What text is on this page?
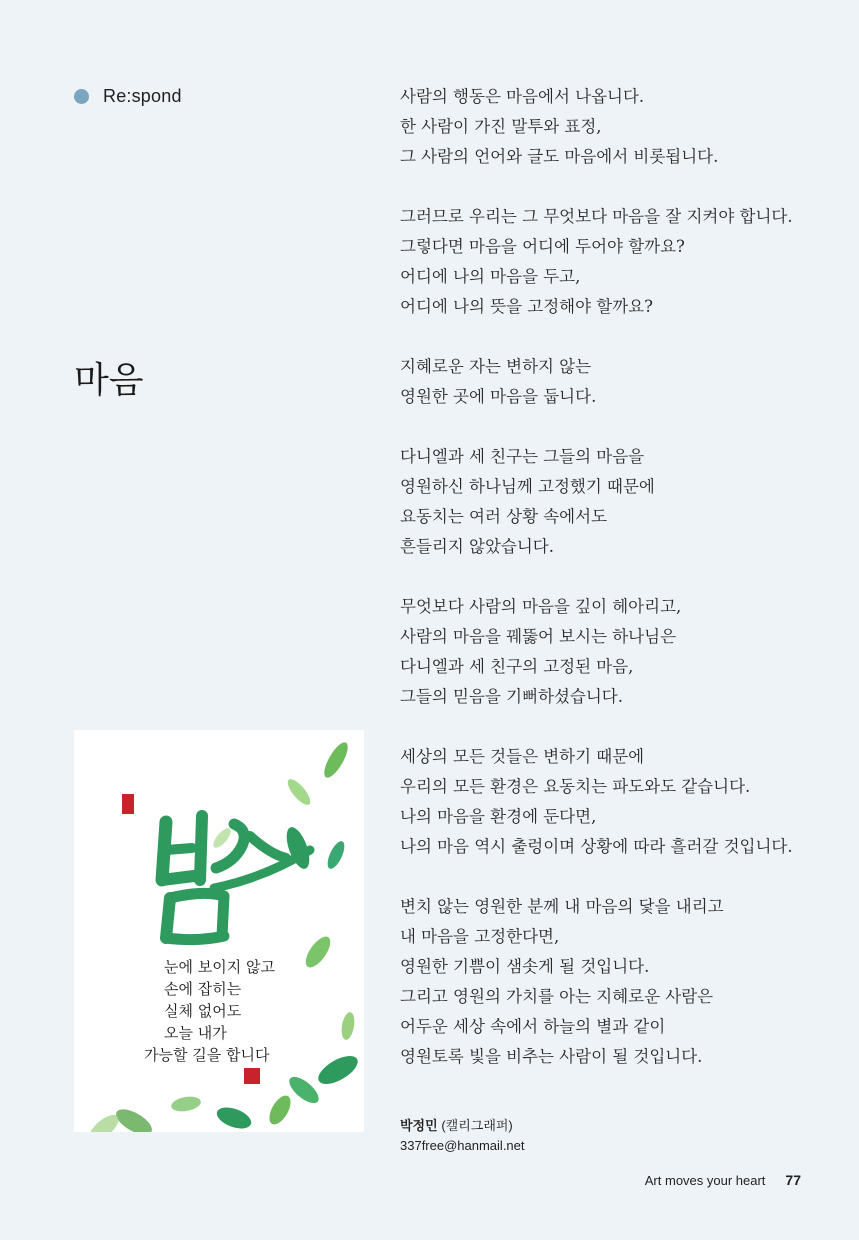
Re:spond
마음

사람의 행동은 마음에서 나옵니다.
한 사람이 가진 말투와 표정,
그 사람의 언어와 글도 마음에서 비롯됩니다.

그러므로 우리는 그 무엇보다 마음을 잘 지켜야 합니다.
그렇다면 마음을 어디에 두어야 할까요?
어디에 나의 마음을 두고,
어디에 나의 뜻을 고정해야 할까요?

지혜로운 자는 변하지 않는
영원한 곳에 마음을 둡니다.

다니엘과 세 친구는 그들의 마음을
영원하신 하나님께 고정했기 때문에
요동치는 여러 상황 속에서도
흔들리지 않았습니다.

무엇보다 사람의 마음을 깊이 헤아리고,
사람의 마음을 꿰뚫어 보시는 하나님은
다니엘과 세 친구의 고정된 마음,
그들의 믿음을 기뻐하셨습니다.

세상의 모든 것들은 변하기 때문에
우리의 모든 환경은 요동치는 파도와도 같습니다.
나의 마음을 환경에 둔다면,
나의 마음 역시 출렁이며 상황에 따라 흘러갈 것입니다.

변치 않는 영원한 분께 내 마음의 닻을 내리고
내 마음을 고정한다면,
영원한 기쁨이 샘솟게 될 것입니다.
그리고 영원의 가치를 아는 지혜로운 사람은
어두운 세상 속에서 하늘의 별과 같이
영원토록 빛을 비추는 사람이 될 것입니다.

눈에 보이지 않고
손에 잡히는
실체 없어도
오늘 내가
가능할 길을 합니다
박정민 (캘리그래퍼)
337free@hanmail.net
Art moves your heart 77
